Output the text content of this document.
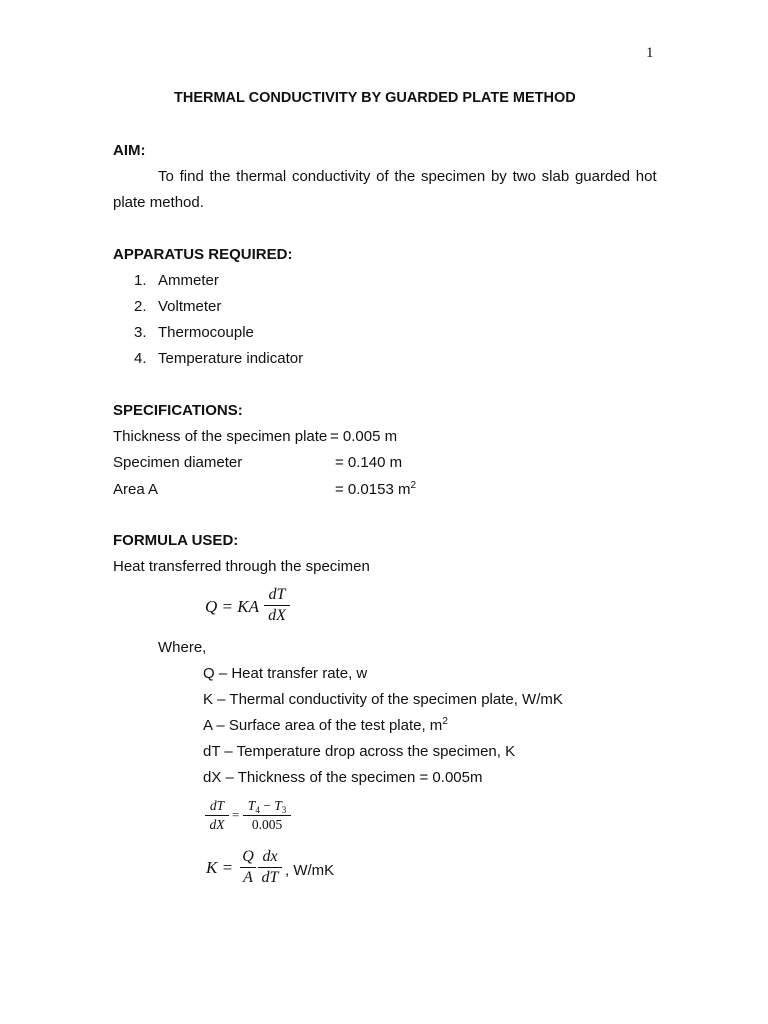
1
THERMAL CONDUCTIVITY BY GUARDED PLATE METHOD
AIM:
To find the thermal conductivity of the specimen by two slab guarded hot
plate method.
APPARATUS REQUIRED:
1. Ammeter
2. Voltmeter
3. Thermocouple
4. Temperature indicator
SPECIFICATIONS:
Thickness of the specimen plate = 0.005 m
Specimen diameter	= 0.140 m
Area A	= 0.0153 $m^2$
FORMULA USED:
Heat transferred through the specimen
Q = KA
dT
dX
Where,
Q – Heat transfer rate, w
K – Thermal conductivity of the specimen plate, W/mK
A – Surface area of the test plate, $m^2$
dT – Temperature drop across the specimen, K
dX – Thickness of the specimen = 0.005m
dT
dX
=
$T_4 - T_3$
0.005
K =
Q
A
dx
dT , W/mK
